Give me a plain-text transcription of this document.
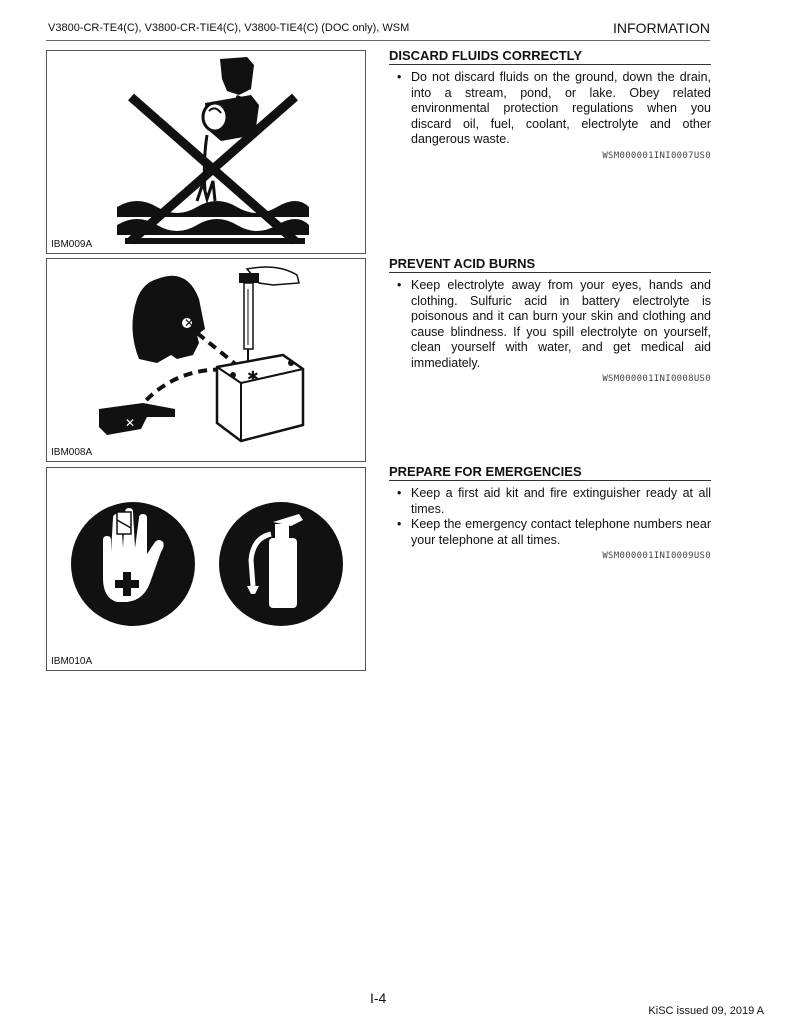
V3800-CR-TE4(C), V3800-CR-TIE4(C), V3800-TIE4(C) (DOC only), WSM	INFORMATION
IBM009A
✕
✱
✕
IBM008A
IBM010A
DISCARD FLUIDS CORRECTLY
• Do not discard fluids on the ground, down the drain, into a stream, pond, or lake. Obey related environmental protection regulations when you discard oil, fuel, coolant, electrolyte and other dangerous waste.
WSM000001INI0007US0
PREVENT ACID BURNS
• Keep electrolyte away from your eyes, hands and clothing. Sulfuric acid in battery electrolyte is poisonous and it can burn your skin and clothing and cause blindness. If you spill electrolyte on yourself, clean yourself with water, and get medical aid immediately.
WSM000001INI0008US0
PREPARE FOR EMERGENCIES
• Keep a first aid kit and fire extinguisher ready at all times.
• Keep the emergency contact telephone numbers near your telephone at all times.
WSM000001INI0009US0
I-4
KiSC issued 09, 2019 A
